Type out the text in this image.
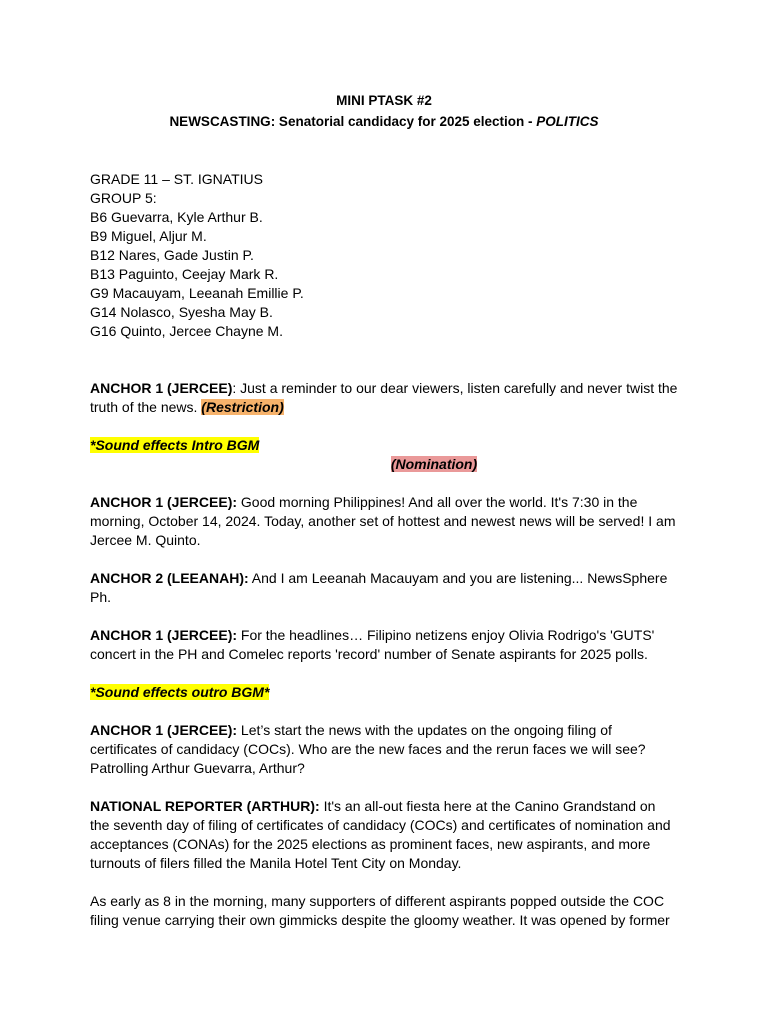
MINI PTASK #2
NEWSCASTING: Senatorial candidacy for 2025 election - POLITICS

GRADE 11 – ST. IGNATIUS

GROUP 5:

B6 Guevarra, Kyle Arthur B.

B9 Miguel, Aljur M.

B12 Nares, Gade Justin P.

B13 Paguinto, Ceejay Mark R.

G9 Macauyam, Leeanah Emillie P.

G14 Nolasco, Syesha May B.

G16 Quinto, Jercee Chayne M.

ANCHOR 1 (JERCEE): Just a reminder to our dear viewers, listen carefully and never twist the truth of the news. (Restriction)

*Sound effects Intro BGM

(Nomination)

ANCHOR 1 (JERCEE): Good morning Philippines! And all over the world. It's 7:30 in the morning, October 14, 2024. Today, another set of hottest and newest news will be served! I am Jercee M. Quinto.

ANCHOR 2 (LEEANAH): And I am Leeanah Macauyam and you are listening... NewsSphere Ph.

ANCHOR 1 (JERCEE): For the headlines… Filipino netizens enjoy Olivia Rodrigo's 'GUTS' concert in the PH and Comelec reports 'record' number of Senate aspirants for 2025 polls.

*Sound effects outro BGM*

ANCHOR 1 (JERCEE): Let’s start the news with the updates on the ongoing filing of certificates of candidacy (COCs). Who are the new faces and the rerun faces we will see? Patrolling Arthur Guevarra, Arthur?

NATIONAL REPORTER (ARTHUR): It's an all-out fiesta here at the Canino Grandstand on the seventh day of filing of certificates of candidacy (COCs) and certificates of nomination and acceptances (CONAs) for the 2025 elections as prominent faces, new aspirants, and more turnouts of filers filled the Manila Hotel Tent City on Monday.

As early as 8 in the morning, many supporters of different aspirants popped outside the COC filing venue carrying their own gimmicks despite the gloomy weather. It was opened by former
